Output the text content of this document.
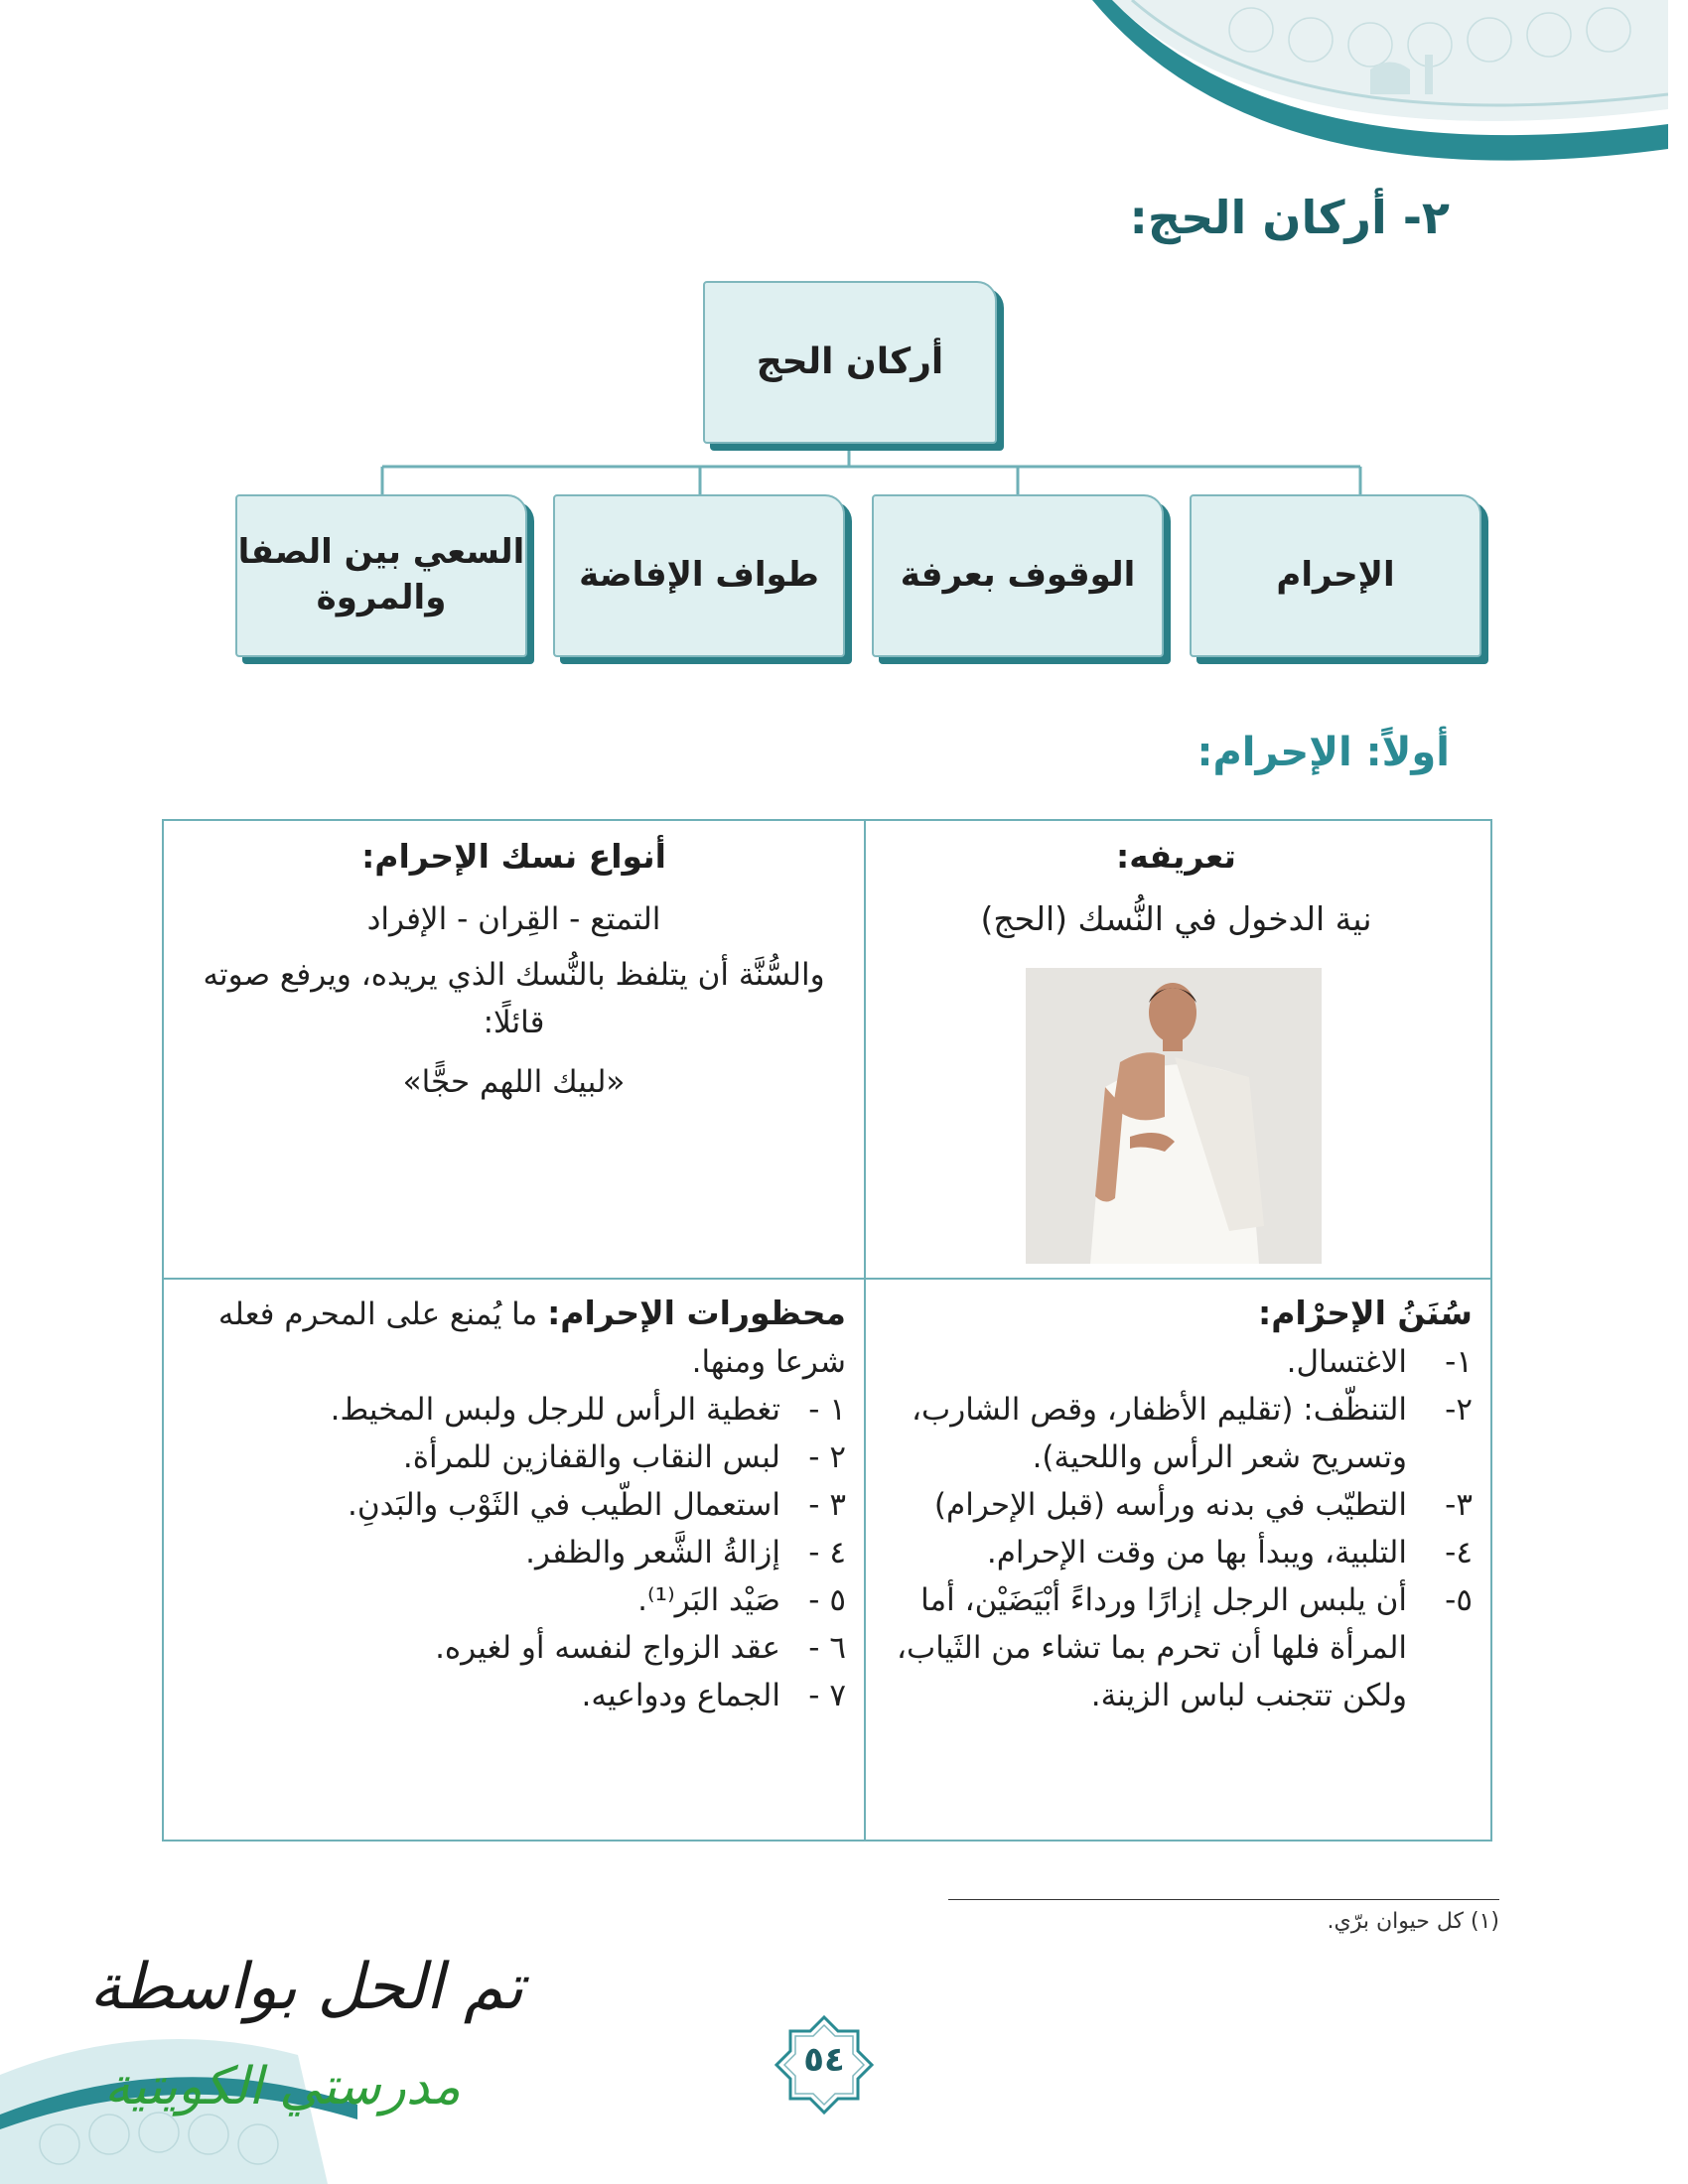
٢- أركان الحج:
أركان الحج
الإحرام
الوقوف بعرفة
طواف الإفاضة
السعي بين الصفا والمروة
أولاً: الإحرام:
تعريفه:
نية الدخول في النُّسك (الحج)
أنواع نسك الإحرام:
التمتع - القِران - الإفراد
والسُّنَّة أن يتلفظ بالنُّسك الذي يريده، ويرفع صوته قائلًا:
«لبيك اللهم حجًّا»
سُنَنُ الإحرْام:
١-
الاغتسال.
٢-
التنظّف: (تقليم الأظفار، وقص الشارب، وتسريح شعر الرأس واللحية).
٣-
التطيّب في بدنه ورأسه (قبل الإحرام)
٤-
التلبية، ويبدأ بها من وقت الإحرام.
٥-
أن يلبس الرجل إزارًا ورداءً أبْيَضَيْن، أما المرأة فلها أن تحرم بما تشاء من الثَياب، ولكن تتجنب لباس الزينة.
محظورات الإحرام: ما يُمنع على المحرم فعله شرعا ومنها.
١ -
تغطية الرأس للرجل ولبس المخيط.
٢ -
لبس النقاب والقفازين للمرأة.
٣ -
استعمال الطّيب في الثَوْب والبَدنِ.
٤ -
إزالةُ الشَّعر والظفر.
٥ -
صَيْد البَر⁽¹⁾.
٦ -
عقد الزواج لنفسه أو لغيره.
٧ -
الجماع ودواعيه.
(١) كل حيوان برّي.
تم الحل بواسطة
مدرستي الكويتية	٥٤
